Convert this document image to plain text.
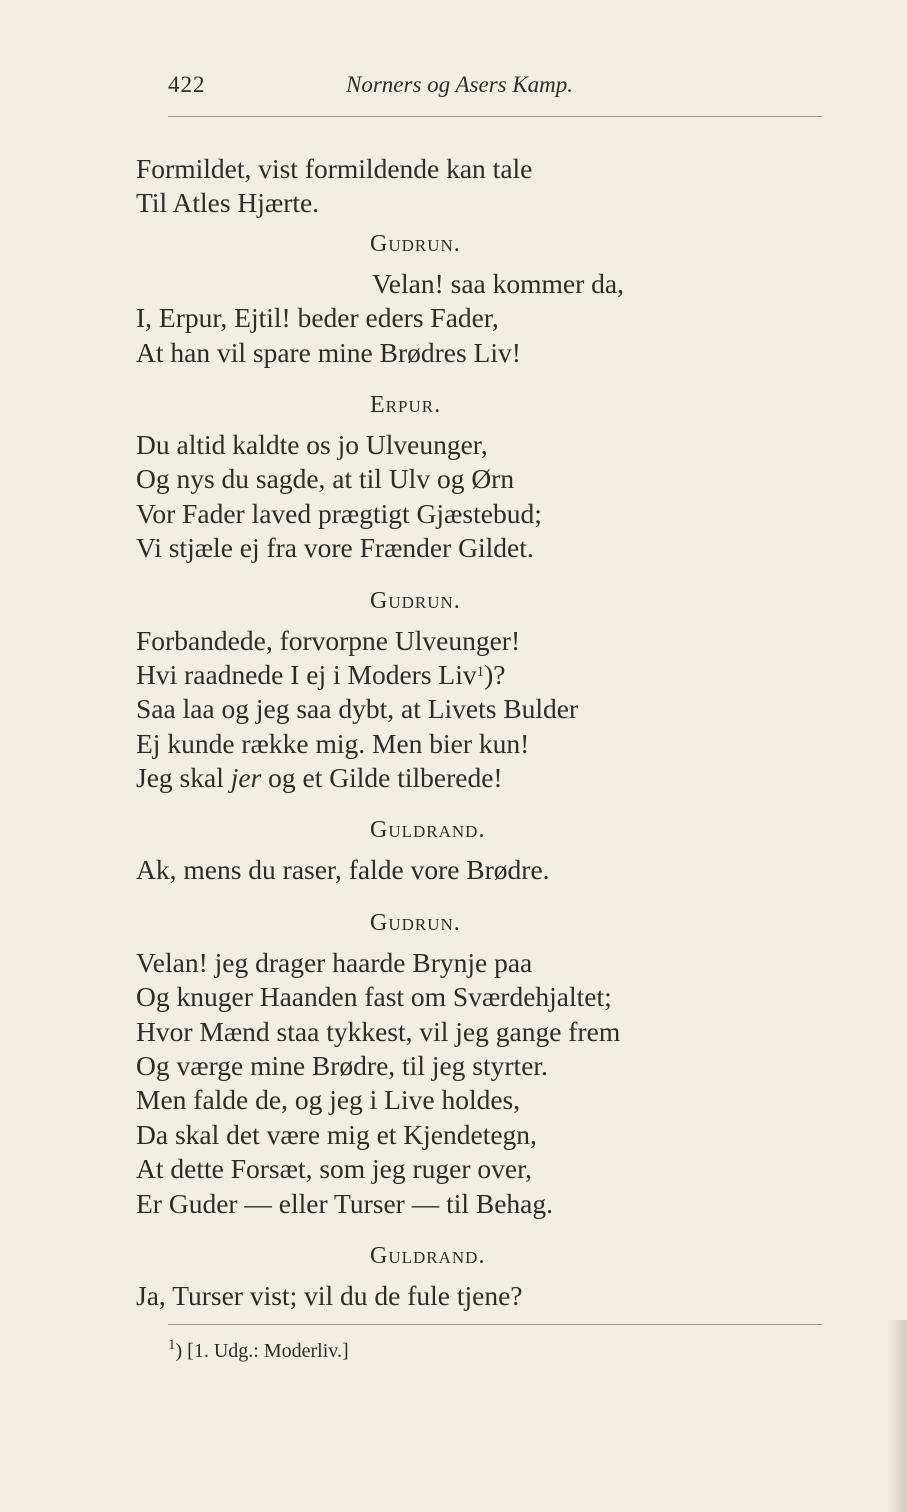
422	Norners og Asers Kamp.
Formildet, vist formildende kan tale
Til Atles Hjærte.
Gudrun.
Velan! saa kommer da,
I, Erpur, Ejtil! beder eders Fader,
At han vil spare mine Brødres Liv!
Erpur.
Du altid kaldte os jo Ulveunger,
Og nys du sagde, at til Ulv og Ørn
Vor Fader laved prægtigt Gjæstebud;
Vi stjæle ej fra vore Frænder Gildet.
Gudrun.
Forbandede, forvorpne Ulveunger!
Hvi raadnede I ej i Moders Liv$^1$)?
Saa laa og jeg saa dybt, at Livets Bulder
Ej kunde række mig. Men bier kun!
Jeg skal jer og et Gilde tilberede!
Guldrand.
Ak, mens du raser, falde vore Brødre.
Gudrun.
Velan! jeg drager haarde Brynje paa
Og knuger Haanden fast om Sværdehjaltet;
Hvor Mænd staa tykkest, vil jeg gange frem
Og værge mine Brødre, til jeg styrter.
Men falde de, og jeg i Live holdes,
Da skal det være mig et Kjendetegn,
At dette Forsæt, som jeg ruger over,
Er Guder — eller Turser — til Behag.
Guldrand.
Ja, Turser vist; vil du de fule tjene?
$^1$) [1. Udg.: Moderliv.]
